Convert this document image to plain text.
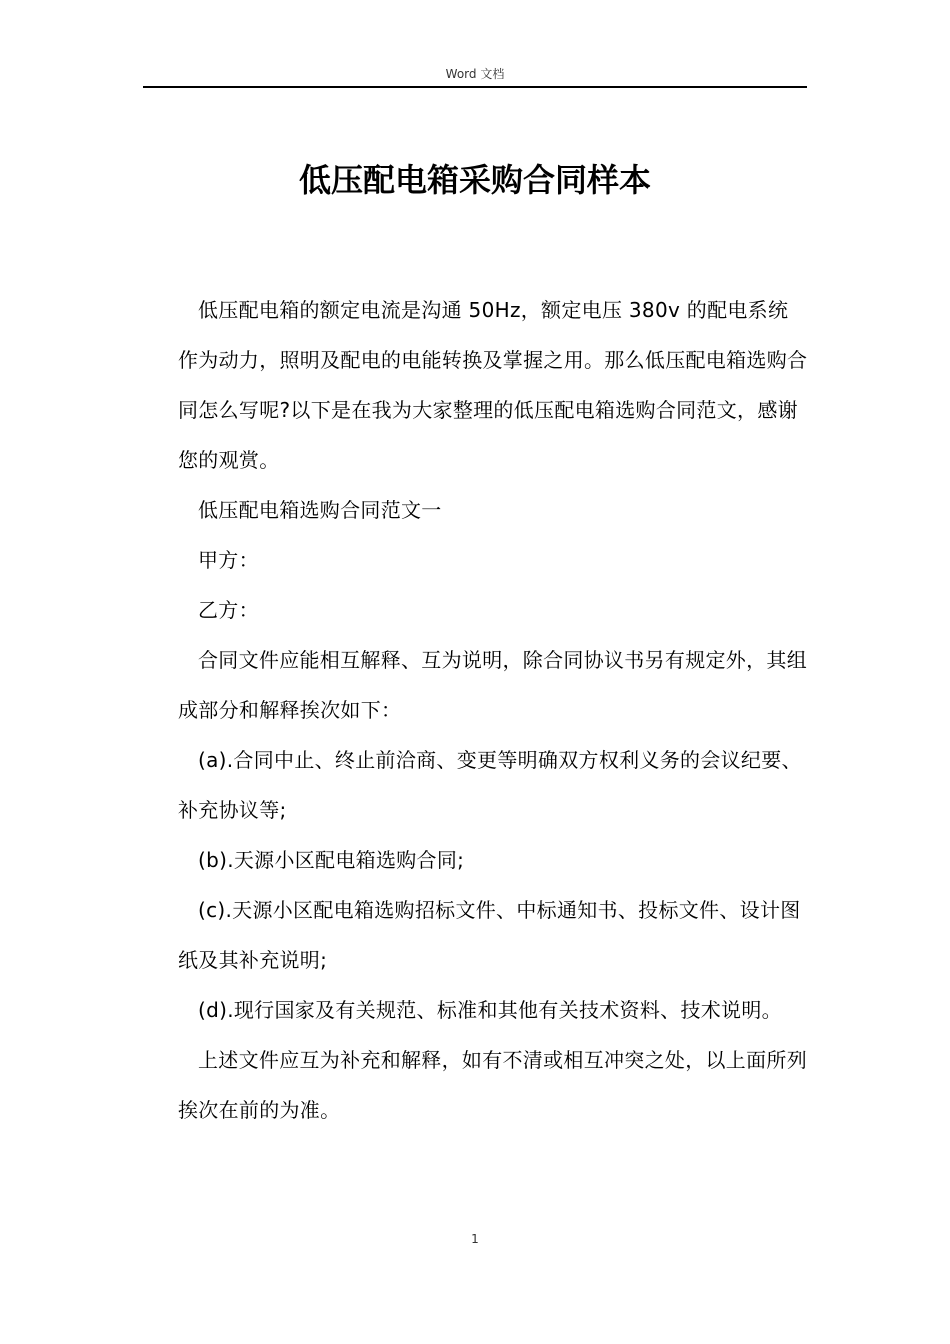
Word 文档
低压配电箱采购合同样本

低压配电箱的额定电流是沟通 50Hz，额定电压 380v 的配电系统作为动力，照明及配电的电能转换及掌握之用。那么低压配电箱选购合同怎么写呢?以下是在我为大家整理的低压配电箱选购合同范文，感谢您的观赏。

低压配电箱选购合同范文一

甲方：

乙方：

合同文件应能相互解释、互为说明，除合同协议书另有规定外，其组成部分和解释挨次如下：

(a).合同中止、终止前洽商、变更等明确双方权利义务的会议纪要、补充协议等;

(b).天源小区配电箱选购合同;

(c).天源小区配电箱选购招标文件、中标通知书、投标文件、设计图纸及其补充说明;

(d).现行国家及有关规范、标准和其他有关技术资料、技术说明。

上述文件应互为补充和解释，如有不清或相互冲突之处，以上面所列挨次在前的为准。

1
